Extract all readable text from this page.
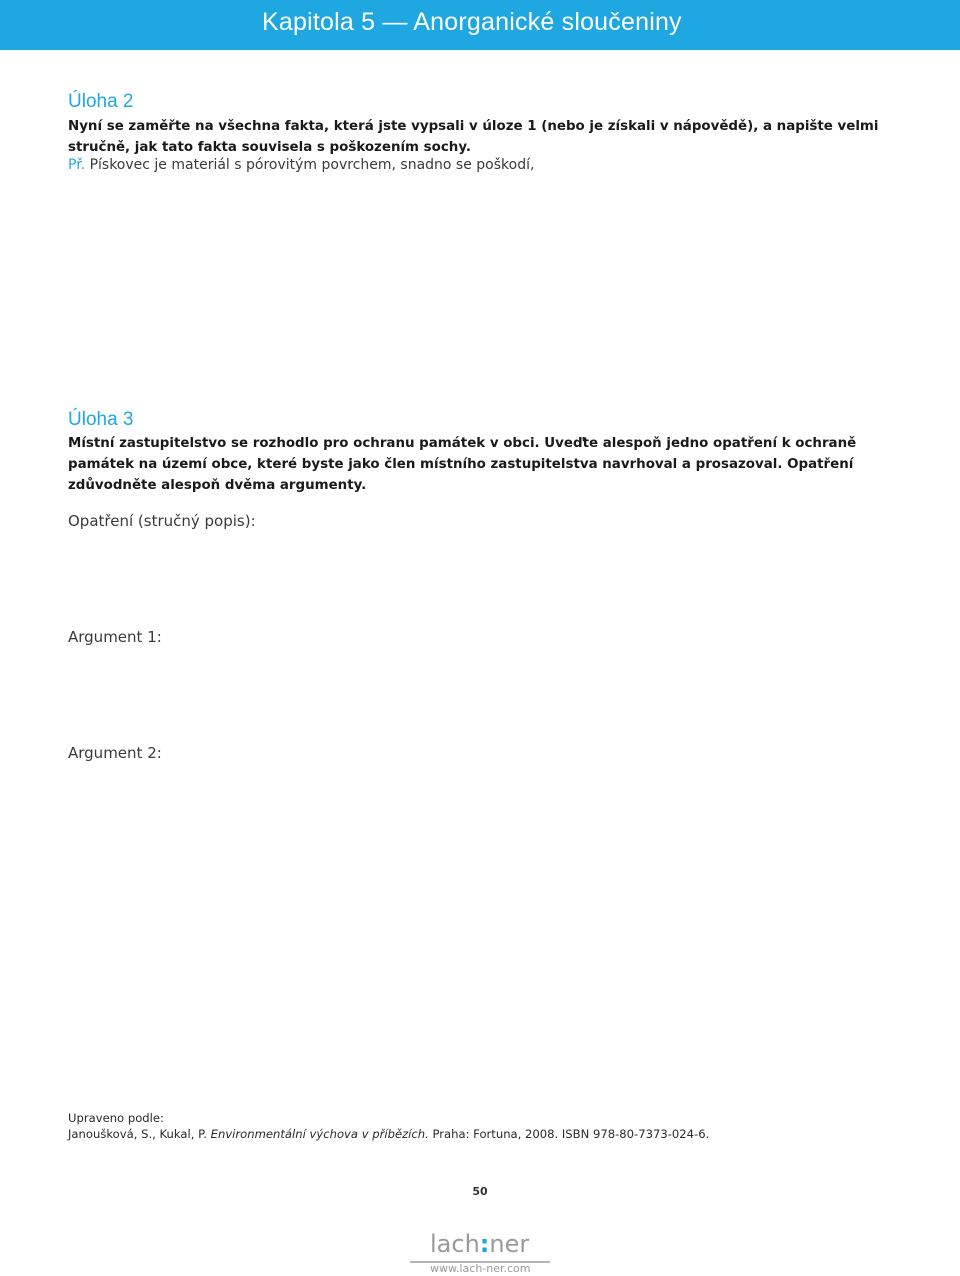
Kapitola 5 — Anorganické sloučeniny
Úloha 2
Nyní se zaměřte na všechna fakta, která jste vypsali v úloze 1 (nebo je získali v nápovědě), a napište velmi stručně, jak tato fakta souvisela s poškozením sochy.
Př. Pískovec je materiál s pórovitým povrchem, snadno se poškodí,
Úloha 3
Místní zastupitelstvo se rozhodlo pro ochranu památek v obci. Uveďte alespoň jedno opatření k ochraně památek na území obce, které byste jako člen místního zastupitelstva navrhoval a prosazoval. Opatření zdůvodněte alespoň dvěma argumenty.
Opatření (stručný popis):
Argument 1:
Argument 2:
Upraveno podle:
Janoušková, S., Kukal, P. Environmentální výchova v příbězích. Praha: Fortuna, 2008. ISBN 978-80-7373-024-6.
50
lach:ner
www.lach-ner.com
